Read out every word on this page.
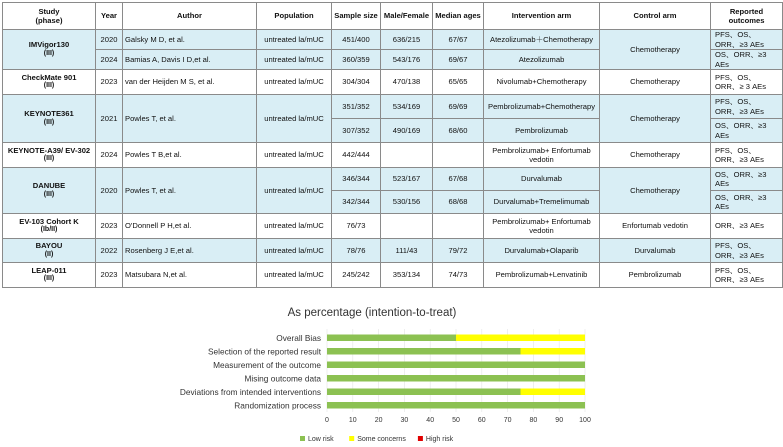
Study
(phase)	Year	Author	Population	Sample size	Male/Female	Median ages	Intervention arm	Control arm	Reported outcomes
IMVigor130
(III)	2020	Galsky M D, et al.	untreated la/mUC	451/400	636/215	67/67	Atezolizumab＋Chemotherapy	Chemotherapy	PFS、OS、ORR、≥3 AEs
	2024	Bamias A, Davis I D,et al.	untreated la/mUC	360/359	543/176	69/67	Atezolizumab		OS、ORR、≥3 AEs
CheckMate 901
(III)	2023	van der Heijden M S, et al.	untreated la/mUC	304/304	470/138	65/65	Nivolumab+Chemotherapy	Chemotherapy	PFS、OS、ORR、≥ 3 AEs
KEYNOTE361
(III)	2021	Powles T, et al.	untreated la/mUC	351/352	534/169	69/69	Pembrolizumab+Chemotherapy	Chemotherapy	PFS、OS、ORR、≥3 AEs
				307/352	490/169	68/60	Pembrolizumab		OS、ORR、≥3 AEs
KEYNOTE-A39/ EV-302
(III)	2024	Powles T B,et al.	untreated la/mUC	442/444			Pembrolizumab+ Enfortumab vedotin	Chemotherapy	PFS、OS、ORR、≥3 AEs
DANUBE
(III)	2020	Powles T, et al.	untreated la/mUC	346/344	523/167	67/68	Durvalumab	Chemotherapy	OS、ORR、≥3 AEs
				342/344	530/156	68/68	Durvalumab+Tremelimumab		OS、ORR、≥3 AEs
EV-103 Cohort K
(Ib/II)	2023	O'Donnell P H,et al.	untreated la/mUC	76/73			Pembrolizumab+ Enfortumab vedotin	Enfortumab vedotin	ORR、≥3 AEs
BAYOU
(II)	2022	Rosenberg J E,et al.	untreated la/mUC	78/76	111/43	79/72	Durvalumab+Olaparib	Durvalumab	PFS、OS、ORR、≥3 AEs
LEAP-011
(III)	2023	Matsubara N,et al.	untreated la/mUC	245/242	353/134	74/73	Pembrolizumab+Lenvatinib	Pembrolizumab	PFS、OS、ORR、≥3 AEs
As percentage (intention-to-treat)
Overall Bias
Selection of the reported result
Measurement of the outcome
Mising outcome data
Deviations from intended interventions
Randomization process
0	10	20	30	40	50	60	70	80	90 100
Low risk	Some concerns	High risk
